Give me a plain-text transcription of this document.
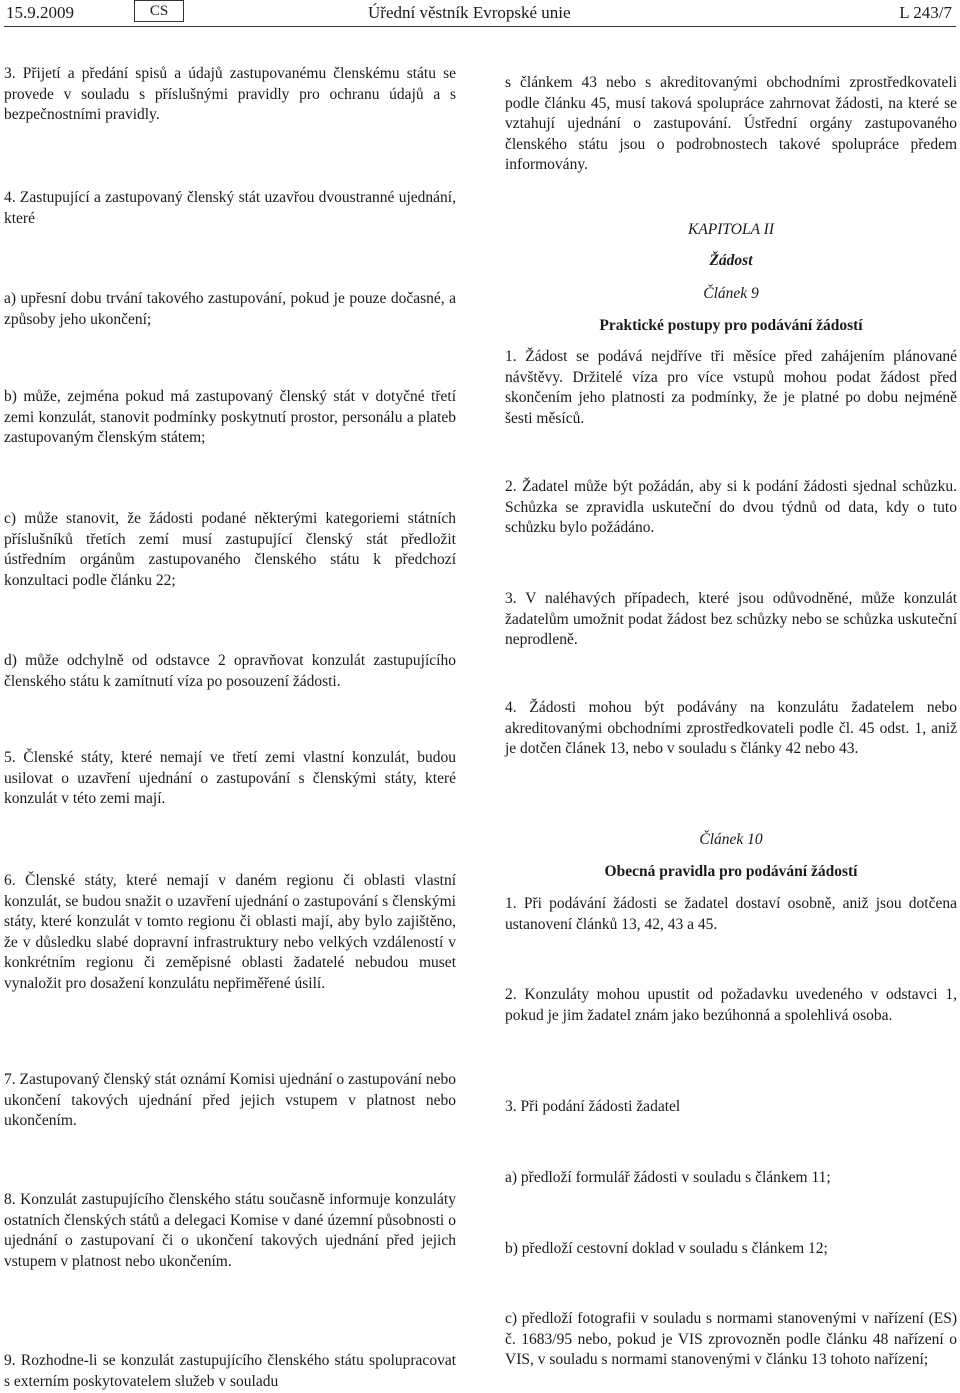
15.9.2009	CS	Úřední věstník Evropské unie	L 243/7

3. Přijetí a předání spisů a údajů zastupovanému členskému státu se provede v souladu s příslušnými pravidly pro ochranu údajů a s bezpečnostními pravidly.

4. Zastupující a zastupovaný členský stát uzavřou dvoustranné ujednání, které

a) upřesní dobu trvání takového zastupování, pokud je pouze dočasné, a způsoby jeho ukončení;

b) může, zejména pokud má zastupovaný členský stát v dotyčné třetí zemi konzulát, stanovit podmínky poskytnutí prostor, personálu a plateb zastupovaným členským státem;

c) může stanovit, že žádosti podané některými kategoriemi státních příslušníků třetích zemí musí zastupující členský stát předložit ústředním orgánům zastupovaného členského státu k předchozí konzultaci podle článku 22;

d) může odchylně od odstavce 2 opravňovat konzulát zastupujícího členského státu k zamítnutí víza po posouzení žádosti.

5. Členské státy, které nemají ve třetí zemi vlastní konzulát, budou usilovat o uzavření ujednání o zastupování s členskými státy, které konzulát v této zemi mají.

6. Členské státy, které nemají v daném regionu či oblasti vlastní konzulát, se budou snažit o uzavření ujednání o zastupování s členskými státy, které konzulát v tomto regionu či oblasti mají, aby bylo zajištěno, že v důsledku slabé dopravní infrastruktury nebo velkých vzdáleností v konkrétním regionu či zeměpisné oblasti žadatelé nebudou muset vynaložit pro dosažení konzulátu nepřiměřené úsilí.

7. Zastupovaný členský stát oznámí Komisi ujednání o zastupování nebo ukončení takových ujednání před jejich vstupem v platnost nebo ukončením.

8. Konzulát zastupujícího členského státu současně informuje konzuláty ostatních členských států a delegaci Komise v dané územní působnosti o ujednání o zastupovaní či o ukončení takových ujednání před jejich vstupem v platnost nebo ukončením.

9. Rozhodne-li se konzulát zastupujícího členského státu spolupracovat s externím poskytovatelem služeb v souladu

s článkem 43 nebo s akreditovanými obchodními zprostředkovateli podle článku 45, musí taková spolupráce zahrnovat žádosti, na které se vztahují ujednání o zastupování. Ústřední orgány zastupovaného členského státu jsou o podrobnostech takové spolupráce předem informovány.

KAPITOLA II

Žádost

Článek 9

Praktické postupy pro podávání žádostí

1. Žádost se podává nejdříve tři měsíce před zahájením plánované návštěvy. Držitelé víza pro více vstupů mohou podat žádost před skončením jeho platnosti za podmínky, že je platné po dobu nejméně šesti měsíců.

2. Žadatel může být požádán, aby si k podání žádosti sjednal schůzku. Schůzka se zpravidla uskuteční do dvou týdnů od data, kdy o tuto schůzku bylo požádáno.

3. V naléhavých případech, které jsou odůvodněné, může konzulát žadatelům umožnit podat žádost bez schůzky nebo se schůzka uskuteční neprodleně.

4. Žádosti mohou být podávány na konzulátu žadatelem nebo akreditovanými obchodními zprostředkovateli podle čl. 45 odst. 1, aniž je dotčen článek 13, nebo v souladu s články 42 nebo 43.

Článek 10

Obecná pravidla pro podávání žádostí

1. Při podávání žádosti se žadatel dostaví osobně, aniž jsou dotčena ustanovení článků 13, 42, 43 a 45.

2. Konzuláty mohou upustit od požadavku uvedeného v odstavci 1, pokud je jim žadatel znám jako bezúhonná a spolehlivá osoba.

3. Při podání žádosti žadatel

a) předloží formulář žádosti v souladu s článkem 11;

b) předloží cestovní doklad v souladu s článkem 12;

c) předloží fotografii v souladu s normami stanovenými v nařízení (ES) č. 1683/95 nebo, pokud je VIS zprovozněn podle článku 48 nařízení o VIS, v souladu s normami stanovenými v článku 13 tohoto nařízení;
